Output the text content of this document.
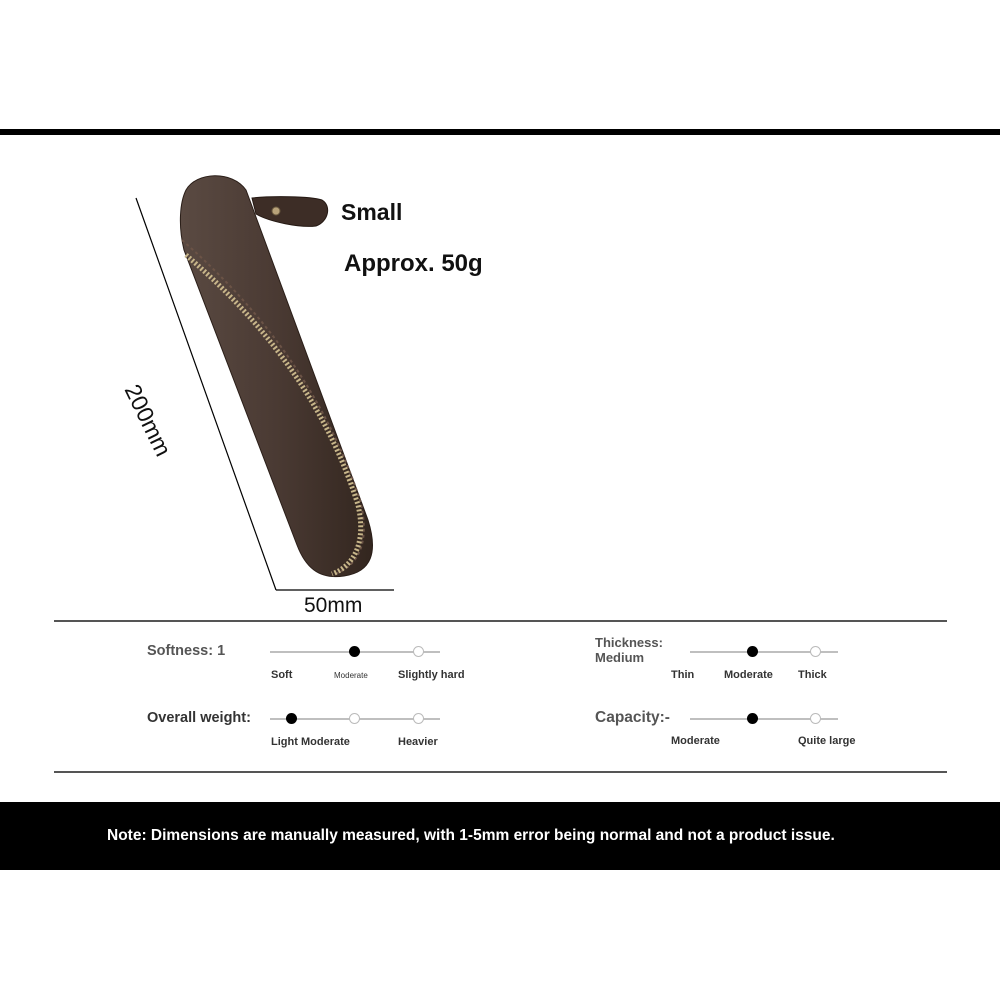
Small
Approx. 50g
200mm
50mm
Softness: 1
Soft	Moderate	Slightly hard
Thickness:
Medium
Thin	Moderate Thick
Overall weight:
Light Moderate	Heavier
Capacity:-
Moderate	Quite large
Note: Dimensions are manually measured, with 1-5mm error being normal and not a product issue.
